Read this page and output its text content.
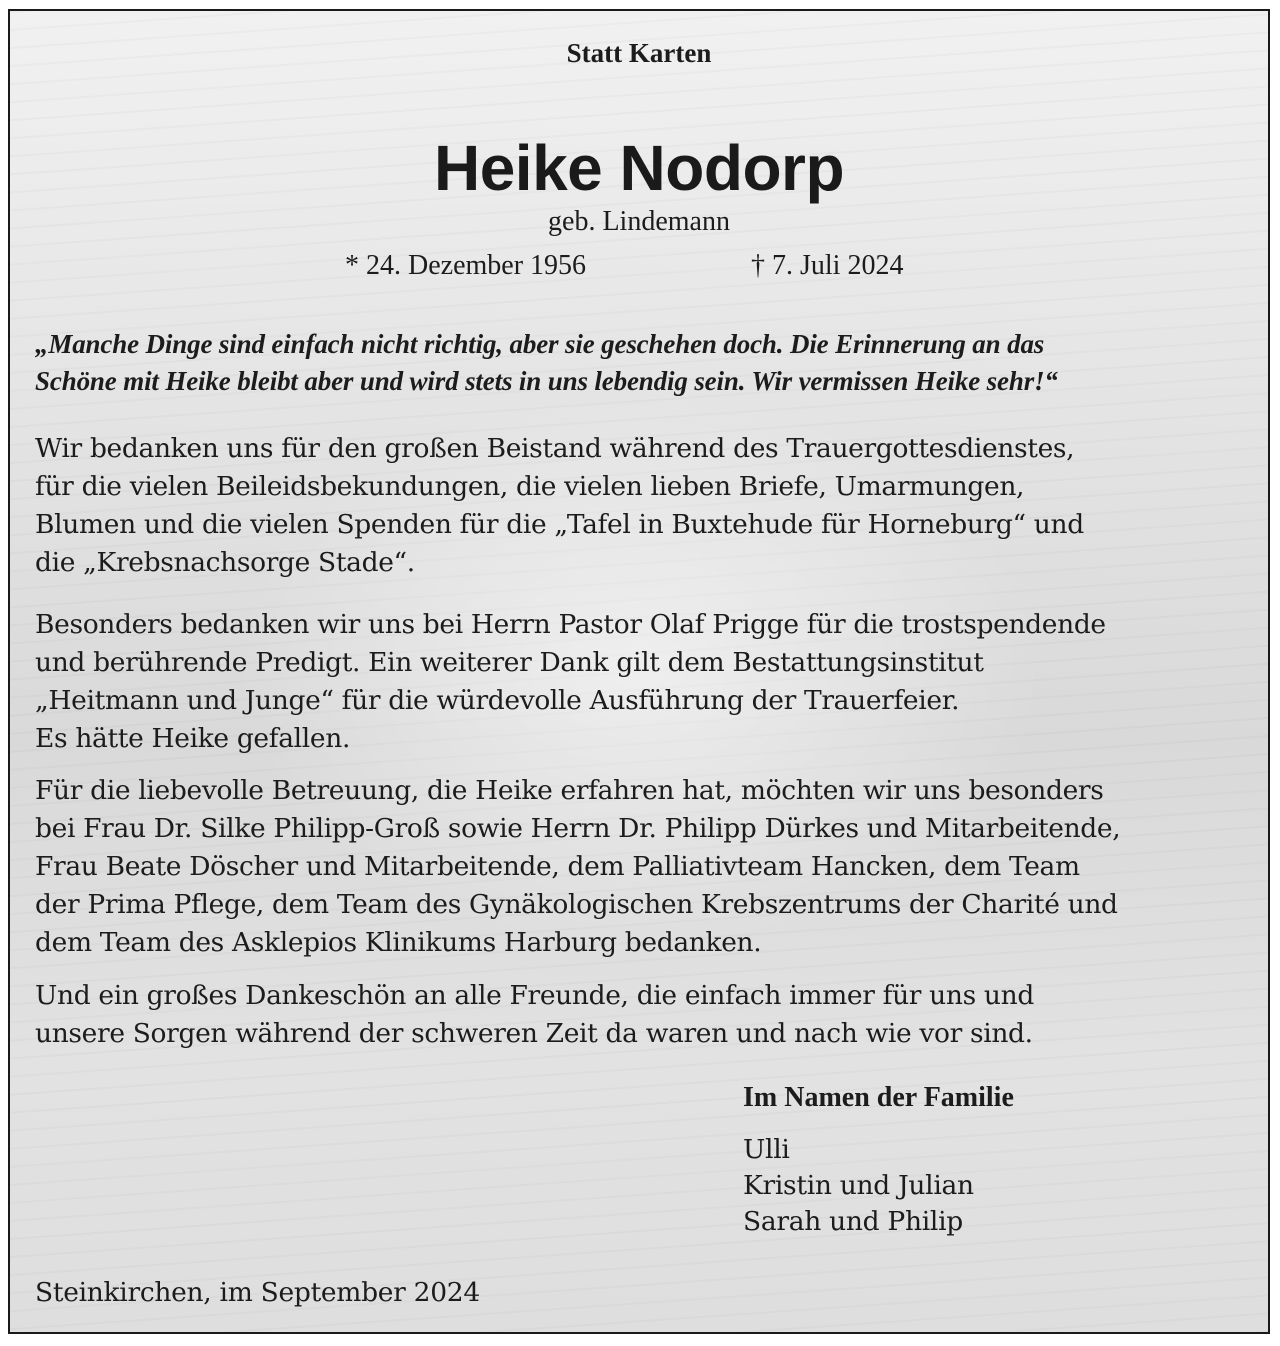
Statt Karten

Heike Nodorp

geb. Lindemann

* 24. Dezember 1956	† 7. Juli 2024

„Manche Dinge sind einfach nicht richtig, aber sie geschehen doch. Die Erinnerung an das
Schöne mit Heike bleibt aber und wird stets in uns lebendig sein. Wir vermissen Heike sehr!“
Wir bedanken uns für den großen Beistand während des Trauergottesdienstes,
für die vielen Beileidsbekundungen, die vielen lieben Briefe, Umarmungen,
Blumen und die vielen Spenden für die „Tafel in Buxtehude für Horneburg“ und
die „Krebsnachsorge Stade“.
Besonders bedanken wir uns bei Herrn Pastor Olaf Prigge für die trostspendende
und berührende Predigt. Ein weiterer Dank gilt dem Bestattungsinstitut
„Heitmann und Junge“ für die würdevolle Ausführung der Trauerfeier.
Es hätte Heike gefallen.
Für die liebevolle Betreuung, die Heike erfahren hat, möchten wir uns besonders
bei Frau Dr. Silke Philipp-Groß sowie Herrn Dr. Philipp Dürkes und Mitarbeitende,
Frau Beate Döscher und Mitarbeitende, dem Palliativteam Hancken, dem Team
der Prima Pflege, dem Team des Gynäkologischen Krebszentrums der Charité und
dem Team des Asklepios Klinikums Harburg bedanken.
Und ein großes Dankeschön an alle Freunde, die einfach immer für uns und
unsere Sorgen während der schweren Zeit da waren und nach wie vor sind.

Im Namen der Familie

Ulli
Kristin und Julian
Sarah und Philip

Steinkirchen, im September 2024
